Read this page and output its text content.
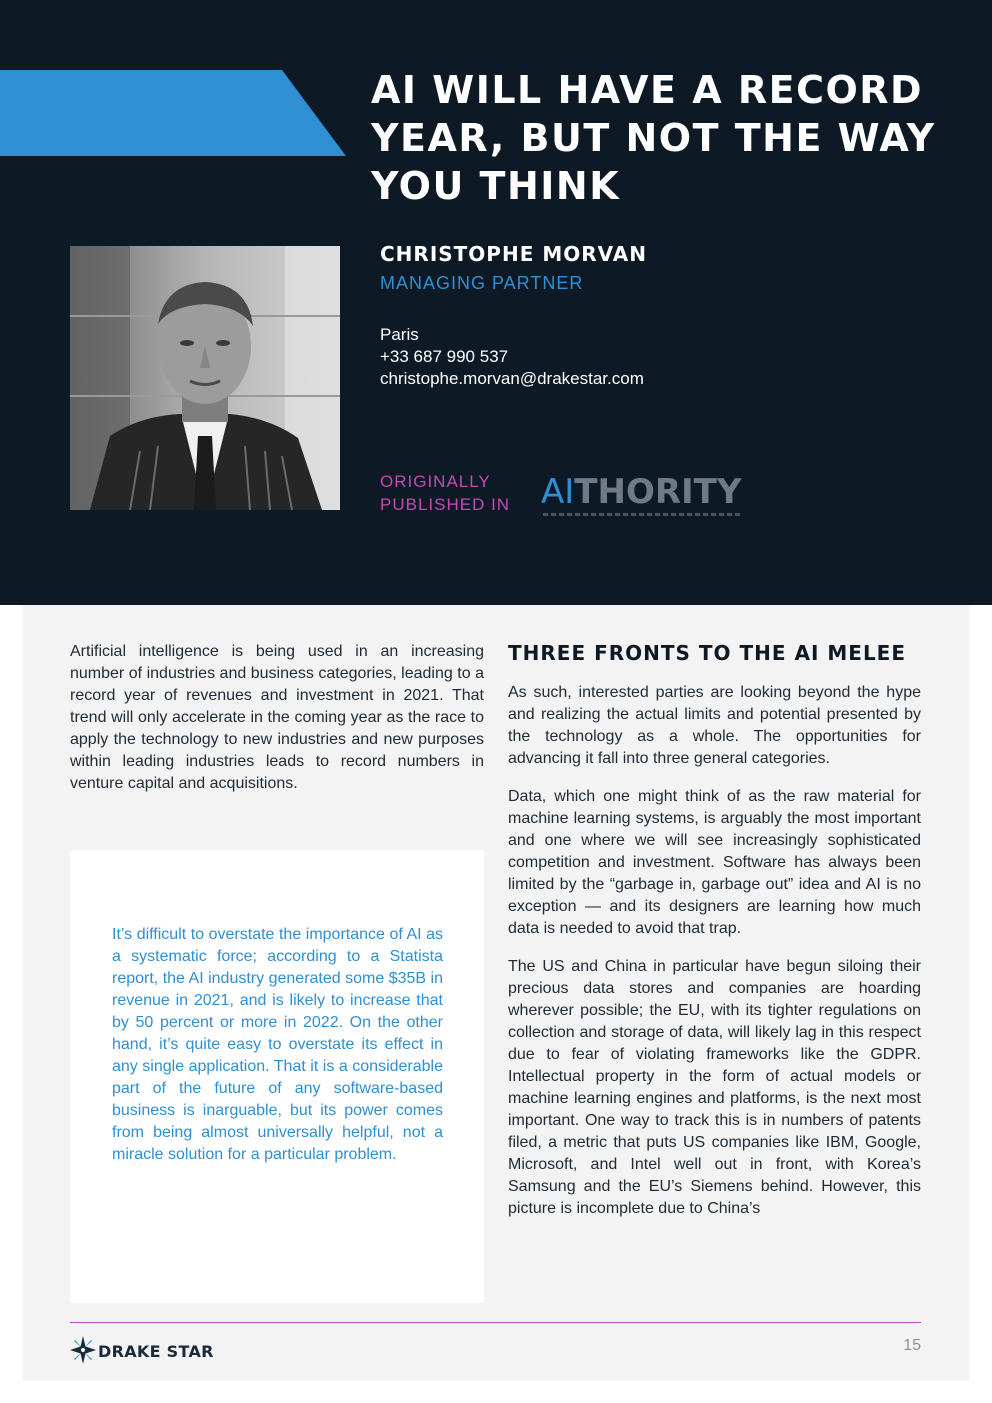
AI WILL HAVE A RECORD YEAR, BUT NOT THE WAY YOU THINK
CHRISTOPHE MORVAN
MANAGING PARTNER
Paris
+33 687 990 537
christophe.morvan@drakestar.com
ORIGINALLY
PUBLISHED IN AITHORITY

Artificial intelligence is being used in an increasing number of industries and business categories, leading to a record year of revenues and investment in 2021. That trend will only accelerate in the coming year as the race to apply the technology to new industries and new purposes within leading industries leads to record numbers in venture capital and acquisitions.

It’s difficult to overstate the importance of AI as a systematic force; according to a Statista report, the AI industry generated some $35B in revenue in 2021, and is likely to increase that by 50 percent or more in 2022. On the other hand, it’s quite easy to overstate its effect in any single application. That it is a considerable part of the future of any software-based business is inarguable, but its power comes from being almost universally helpful, not a miracle solution for a particular problem.

THREE FRONTS TO THE AI MELEE

As such, interested parties are looking beyond the hype and realizing the actual limits and potential presented by the technology as a whole. The opportunities for advancing it fall into three general categories.

Data, which one might think of as the raw material for machine learning systems, is arguably the most important and one where we will see increasingly sophisticated competition and investment. Software has always been limited by the “garbage in, garbage out” idea and AI is no exception — and its designers are learning how much data is needed to avoid that trap.

The US and China in particular have begun siloing their precious data stores and companies are hoarding wherever possible; the EU, with its tighter regulations on collection and storage of data, will likely lag in this respect due to fear of violating frameworks like the GDPR. Intellectual property in the form of actual models or machine learning engines and platforms, is the next most important. One way to track this is in numbers of patents filed, a metric that puts US companies like IBM, Google, Microsoft, and Intel well out in front, with Korea’s Samsung and the EU’s Siemens behind. However, this picture is incomplete due to China’s

DRAKE STAR	15
